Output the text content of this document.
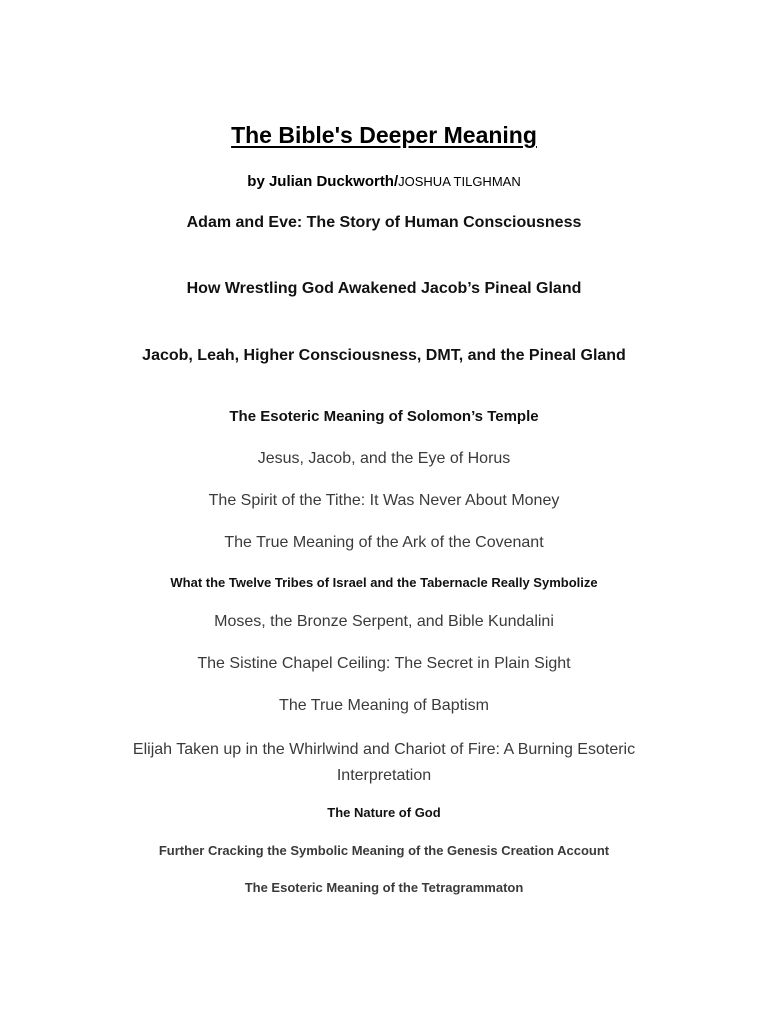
The Bible's Deeper Meaning
by Julian Duckworth/JOSHUA TILGHMAN
Adam and Eve: The Story of Human Consciousness
How Wrestling God Awakened Jacob’s Pineal Gland
Jacob, Leah, Higher Consciousness, DMT, and the Pineal Gland
The Esoteric Meaning of Solomon’s Temple
Jesus, Jacob, and the Eye of Horus
The Spirit of the Tithe: It Was Never About Money
The True Meaning of the Ark of the Covenant
What the Twelve Tribes of Israel and the Tabernacle Really Symbolize
Moses, the Bronze Serpent, and Bible Kundalini
The Sistine Chapel Ceiling: The Secret in Plain Sight
The True Meaning of Baptism
Elijah Taken up in the Whirlwind and Chariot of Fire: A Burning Esoteric Interpretation
The Nature of God
Further Cracking the Symbolic Meaning of the Genesis Creation Account
The Esoteric Meaning of the Tetragrammaton
